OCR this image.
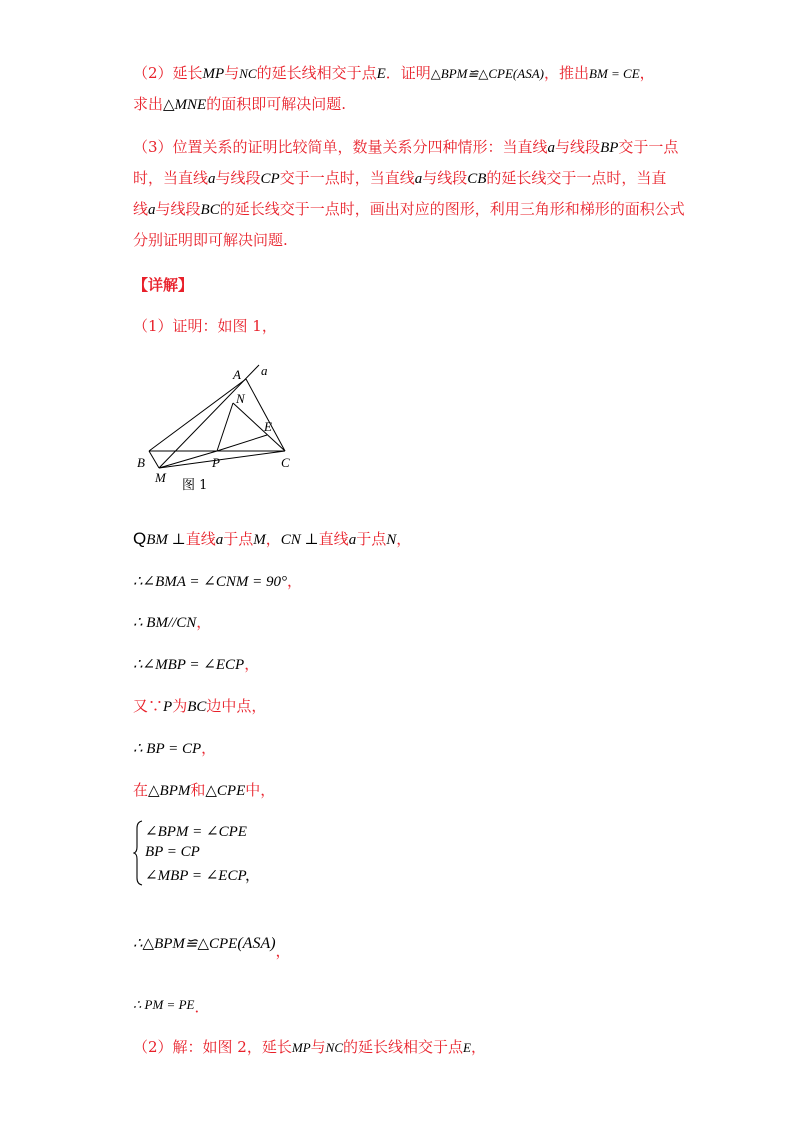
（2）延长MP与NC的延长线相交于点E．证明△BPM≌△CPE(ASA)，推出BM = CE，
求出△MNE的面积即可解决问题.
（3）位置关系的证明比较简单，数量关系分四种情形：当直线a与线段BP交于一点
时，当直线a与线段CP交于一点时，当直线a与线段CB的延长线交于一点时，当直
线a与线段BC的延长线交于一点时，画出对应的图形，利用三角形和梯形的面积公式
分别证明即可解决问题.
【详解】
（1）证明：如图 1，
A a
N
E
B	P	C
M
图 1
QBM ⊥直线a于点M，CN ⊥直线a于点N，
∴∠BMA = ∠CNM = 90°，
∴ BM//CN，
∴∠MBP = ∠ECP，
又∵P为BC边中点，
∴ BP = CP，
在△BPM和△CPE中，
∠BPM = ∠CPE
BP = CP
∠MBP = ∠ECP
，
∴△BPM≌△CPE(ASA)，
∴ PM = PE．
（2）解：如图 2，延长MP与NC的延长线相交于点E，
